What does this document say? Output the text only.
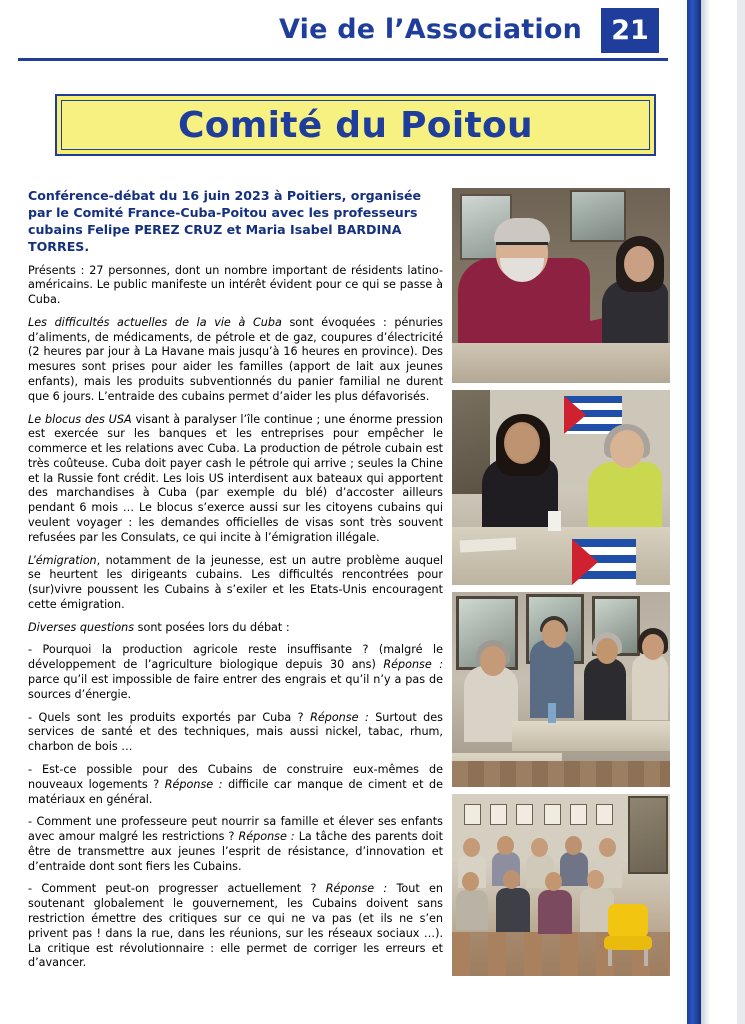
Vie de l’Association	21
Comité du Poitou
Conférence-débat du 16 juin 2023 à Poitiers, organisée par le Comité France-Cuba-Poitou avec les professeurs cubains Felipe PEREZ CRUZ et Maria Isabel BARDINA TORRES.

Présents : 27 personnes, dont un nombre important de résidents latino-américains. Le public manifeste un intérêt évident pour ce qui se passe à Cuba.

Les difficultés actuelles de la vie à Cuba sont évoquées : pénuries d’aliments, de médicaments, de pétrole et de gaz, coupures d’électricité (2 heures par jour à La Havane mais jusqu’à 16 heures en province). Des mesures sont prises pour aider les familles (apport de lait aux jeunes enfants), mais les produits subventionnés du panier familial ne durent que 6 jours. L’entraide des cubains permet d’aider les plus défavorisés.

Le blocus des USA visant à paralyser l’île continue ; une énorme pression est exercée sur les banques et les entreprises pour empêcher le commerce et les relations avec Cuba. La production de pétrole cubain est très coûteuse. Cuba doit payer cash le pétrole qui arrive ; seules la Chine et la Russie font crédit. Les lois US interdisent aux bateaux qui apportent des marchandises à Cuba (par exemple du blé) d’accoster ailleurs pendant 6 mois … Le blocus s’exerce aussi sur les citoyens cubains qui veulent voyager : les demandes officielles de visas sont très souvent refusées par les Consulats, ce qui incite à l’émigration illégale.

L’émigration, notamment de la jeunesse, est un autre problème auquel se heurtent les dirigeants cubains. Les difficultés rencontrées pour (sur)vivre poussent les Cubains à s’exiler et les Etats-Unis encouragent cette émigration.

Diverses questions sont posées lors du débat :

- Pourquoi la production agricole reste insuffisante ? (malgré le développement de l’agriculture biologique depuis 30 ans) Réponse : parce qu’il est impossible de faire entrer des engrais et qu’il n’y a pas de sources d’énergie.

- Quels sont les produits exportés par Cuba ? Réponse : Surtout des services de santé et des techniques, mais aussi nickel, tabac, rhum, charbon de bois …

- Est-ce possible pour des Cubains de construire eux-mêmes de nouveaux logements ? Réponse : difficile car manque de ciment et de matériaux en général.

- Comment une professeure peut nourrir sa famille et élever ses enfants avec amour malgré les restrictions ? Réponse : La tâche des parents doit être de transmettre aux jeunes l’esprit de résistance, d’innovation et d’entraide dont sont fiers les Cubains.

- Comment peut-on progresser actuellement ? Réponse : Tout en soutenant globalement le gouvernement, les Cubains doivent sans restriction émettre des critiques sur ce qui ne va pas (et ils ne s’en privent pas ! dans la rue, dans les réunions, sur les réseaux sociaux …). La critique est révolutionnaire : elle permet de corriger les erreurs et d’avancer.
